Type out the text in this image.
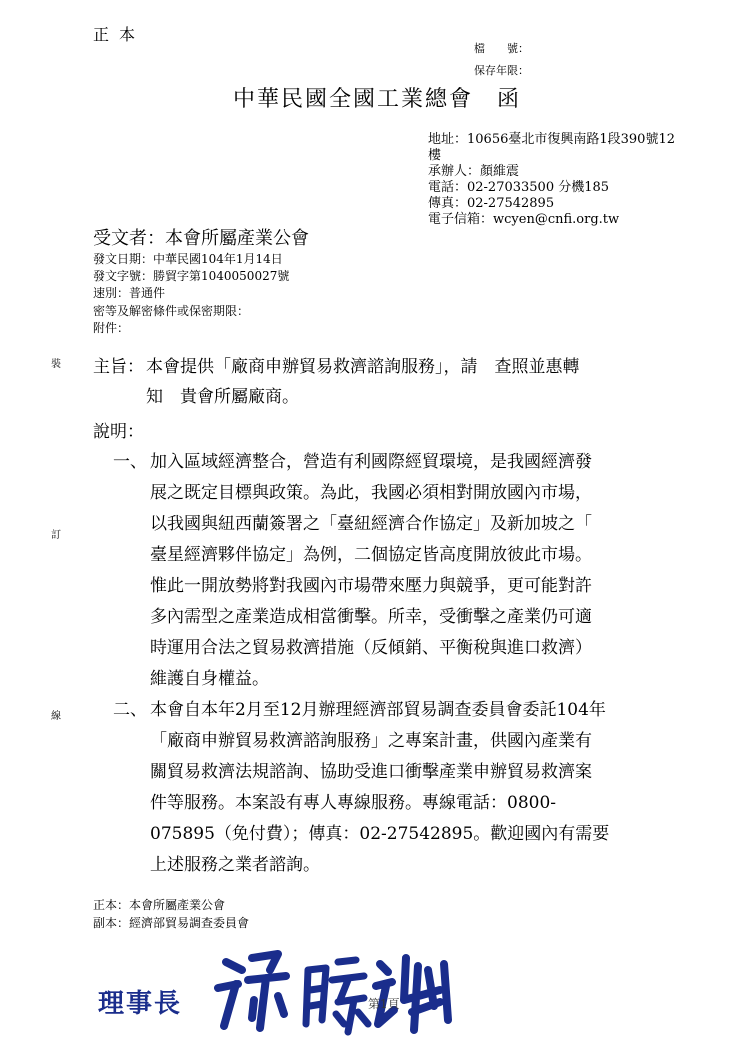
正本
檔　　號：
保存年限：
中華民國全國工業總會　函
地址：10656臺北市復興南路1段390號12
樓
承辦人：顏維震
電話：02-27033500 分機185
傳真：02-27542895
電子信箱：wcyen@cnfi.org.tw
受文者：本會所屬產業公會
發文日期：中華民國104年1月14日
發文字號：勝貿字第1040050027號
速別：普通件
密等及解密條件或保密期限：
附件：
裝
訂
線
主旨： 本會提供「廠商申辦貿易救濟諮詢服務」，請　查照並惠轉
知　貴會所屬廠商。
說明：
一、 加入區域經濟整合，營造有利國際經貿環境，是我國經濟發
展之既定目標與政策。為此，我國必須相對開放國內市場，
以我國與紐西蘭簽署之「臺紐經濟合作協定」及新加坡之「
臺星經濟夥伴協定」為例，二個協定皆高度開放彼此市場。
惟此一開放勢將對我國內市場帶來壓力與競爭，更可能對許
多內需型之產業造成相當衝擊。所幸，受衝擊之產業仍可適
時運用合法之貿易救濟措施（反傾銷、平衡稅與進口救濟）
維護自身權益。
二、 本會自本年2月至12月辦理經濟部貿易調查委員會委託104年
「廠商申辦貿易救濟諮詢服務」之專案計畫，供國內產業有
關貿易救濟法規諮詢、協助受進口衝擊產業申辦貿易救濟案
件等服務。本案設有專人專線服務。專線電話：0800-
075895（免付費）；傳真：02-27542895。歡迎國內有需要
上述服務之業者諮詢。
正本：本會所屬產業公會
副本：經濟部貿易調查委員會
理事長	第1頁
